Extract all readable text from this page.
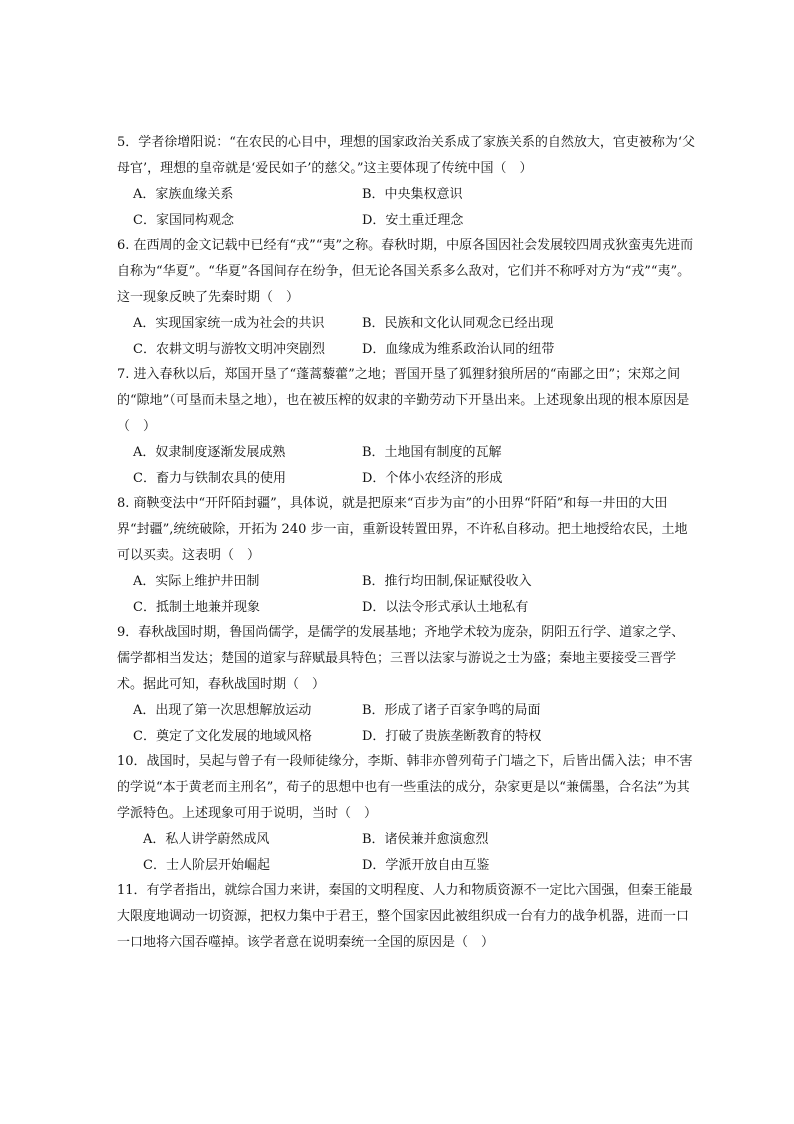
5．学者徐增阳说：“在农民的心目中，理想的国家政治关系成了家族关系的自然放大，官吏被称为‘父母官’，理想的皇帝就是‘爱民如子’的慈父。”这主要体现了传统中国（　）

A．家族血缘关系	B．中央集权意识
C．家国同构观念	D．安土重迁理念

6. 在西周的金文记载中已经有“戎”“夷”之称。春秋时期，中原各国因社会发展较四周戎狄蛮夷先进而自称为“华夏”。“华夏”各国间存在纷争，但无论各国关系多么敌对，它们并不称呼对方为“戎”“夷”。这一现象反映了先秦时期（　）

A．实现国家统一成为社会的共识	B．民族和文化认同观念已经出现
C．农耕文明与游牧文明冲突剧烈	D．血缘成为维系政治认同的纽带

7. 进入春秋以后，郑国开垦了“蓬蒿藜藿”之地；晋国开垦了狐狸豺狼所居的“南鄙之田”；宋郑之间的“隙地”（可垦而未垦之地），也在被压榨的奴隶的辛勤劳动下开垦出来。上述现象出现的根本原因是（　）

A．奴隶制度逐渐发展成熟	B．土地国有制度的瓦解
C．畜力与铁制农具的使用	D．个体小农经济的形成

8. 商鞅变法中“开阡陌封疆”，具体说，就是把原来“百步为亩”的小田界“阡陌”和每一井田的大田界“封疆”,统统破除，开拓为 240 步一亩，重新设转置田界，不许私自移动。把土地授给农民，土地可以买卖。这表明（　）

A．实际上维护井田制	B．推行均田制,保证赋役收入
C．抵制土地兼并现象	D．以法令形式承认土地私有

9．春秋战国时期，鲁国尚儒学，是儒学的发展基地；齐地学术较为庞杂，阴阳五行学、道家之学、儒学都相当发达；楚国的道家与辞赋最具特色；三晋以法家与游说之士为盛；秦地主要接受三晋学术。据此可知，春秋战国时期（　）

A．出现了第一次思想解放运动	B．形成了诸子百家争鸣的局面
C．奠定了文化发展的地域风格	D．打破了贵族垄断教育的特权

10．战国时，吴起与曾子有一段师徒缘分，李斯、韩非亦曾列荀子门墙之下，后皆出儒入法；申不害的学说“本于黄老而主刑名”，荀子的思想中也有一些重法的成分，杂家更是以“兼儒墨，合名法”为其学派特色。上述现象可用于说明，当时（　）

A．私人讲学蔚然成风	B．诸侯兼并愈演愈烈
C．士人阶层开始崛起	D．学派开放自由互鉴

11．有学者指出，就综合国力来讲，秦国的文明程度、人力和物质资源不一定比六国强，但秦王能最大限度地调动一切资源，把权力集中于君王，整个国家因此被组织成一台有力的战争机器，进而一口一口地将六国吞噬掉。该学者意在说明秦统一全国的原因是（　）
